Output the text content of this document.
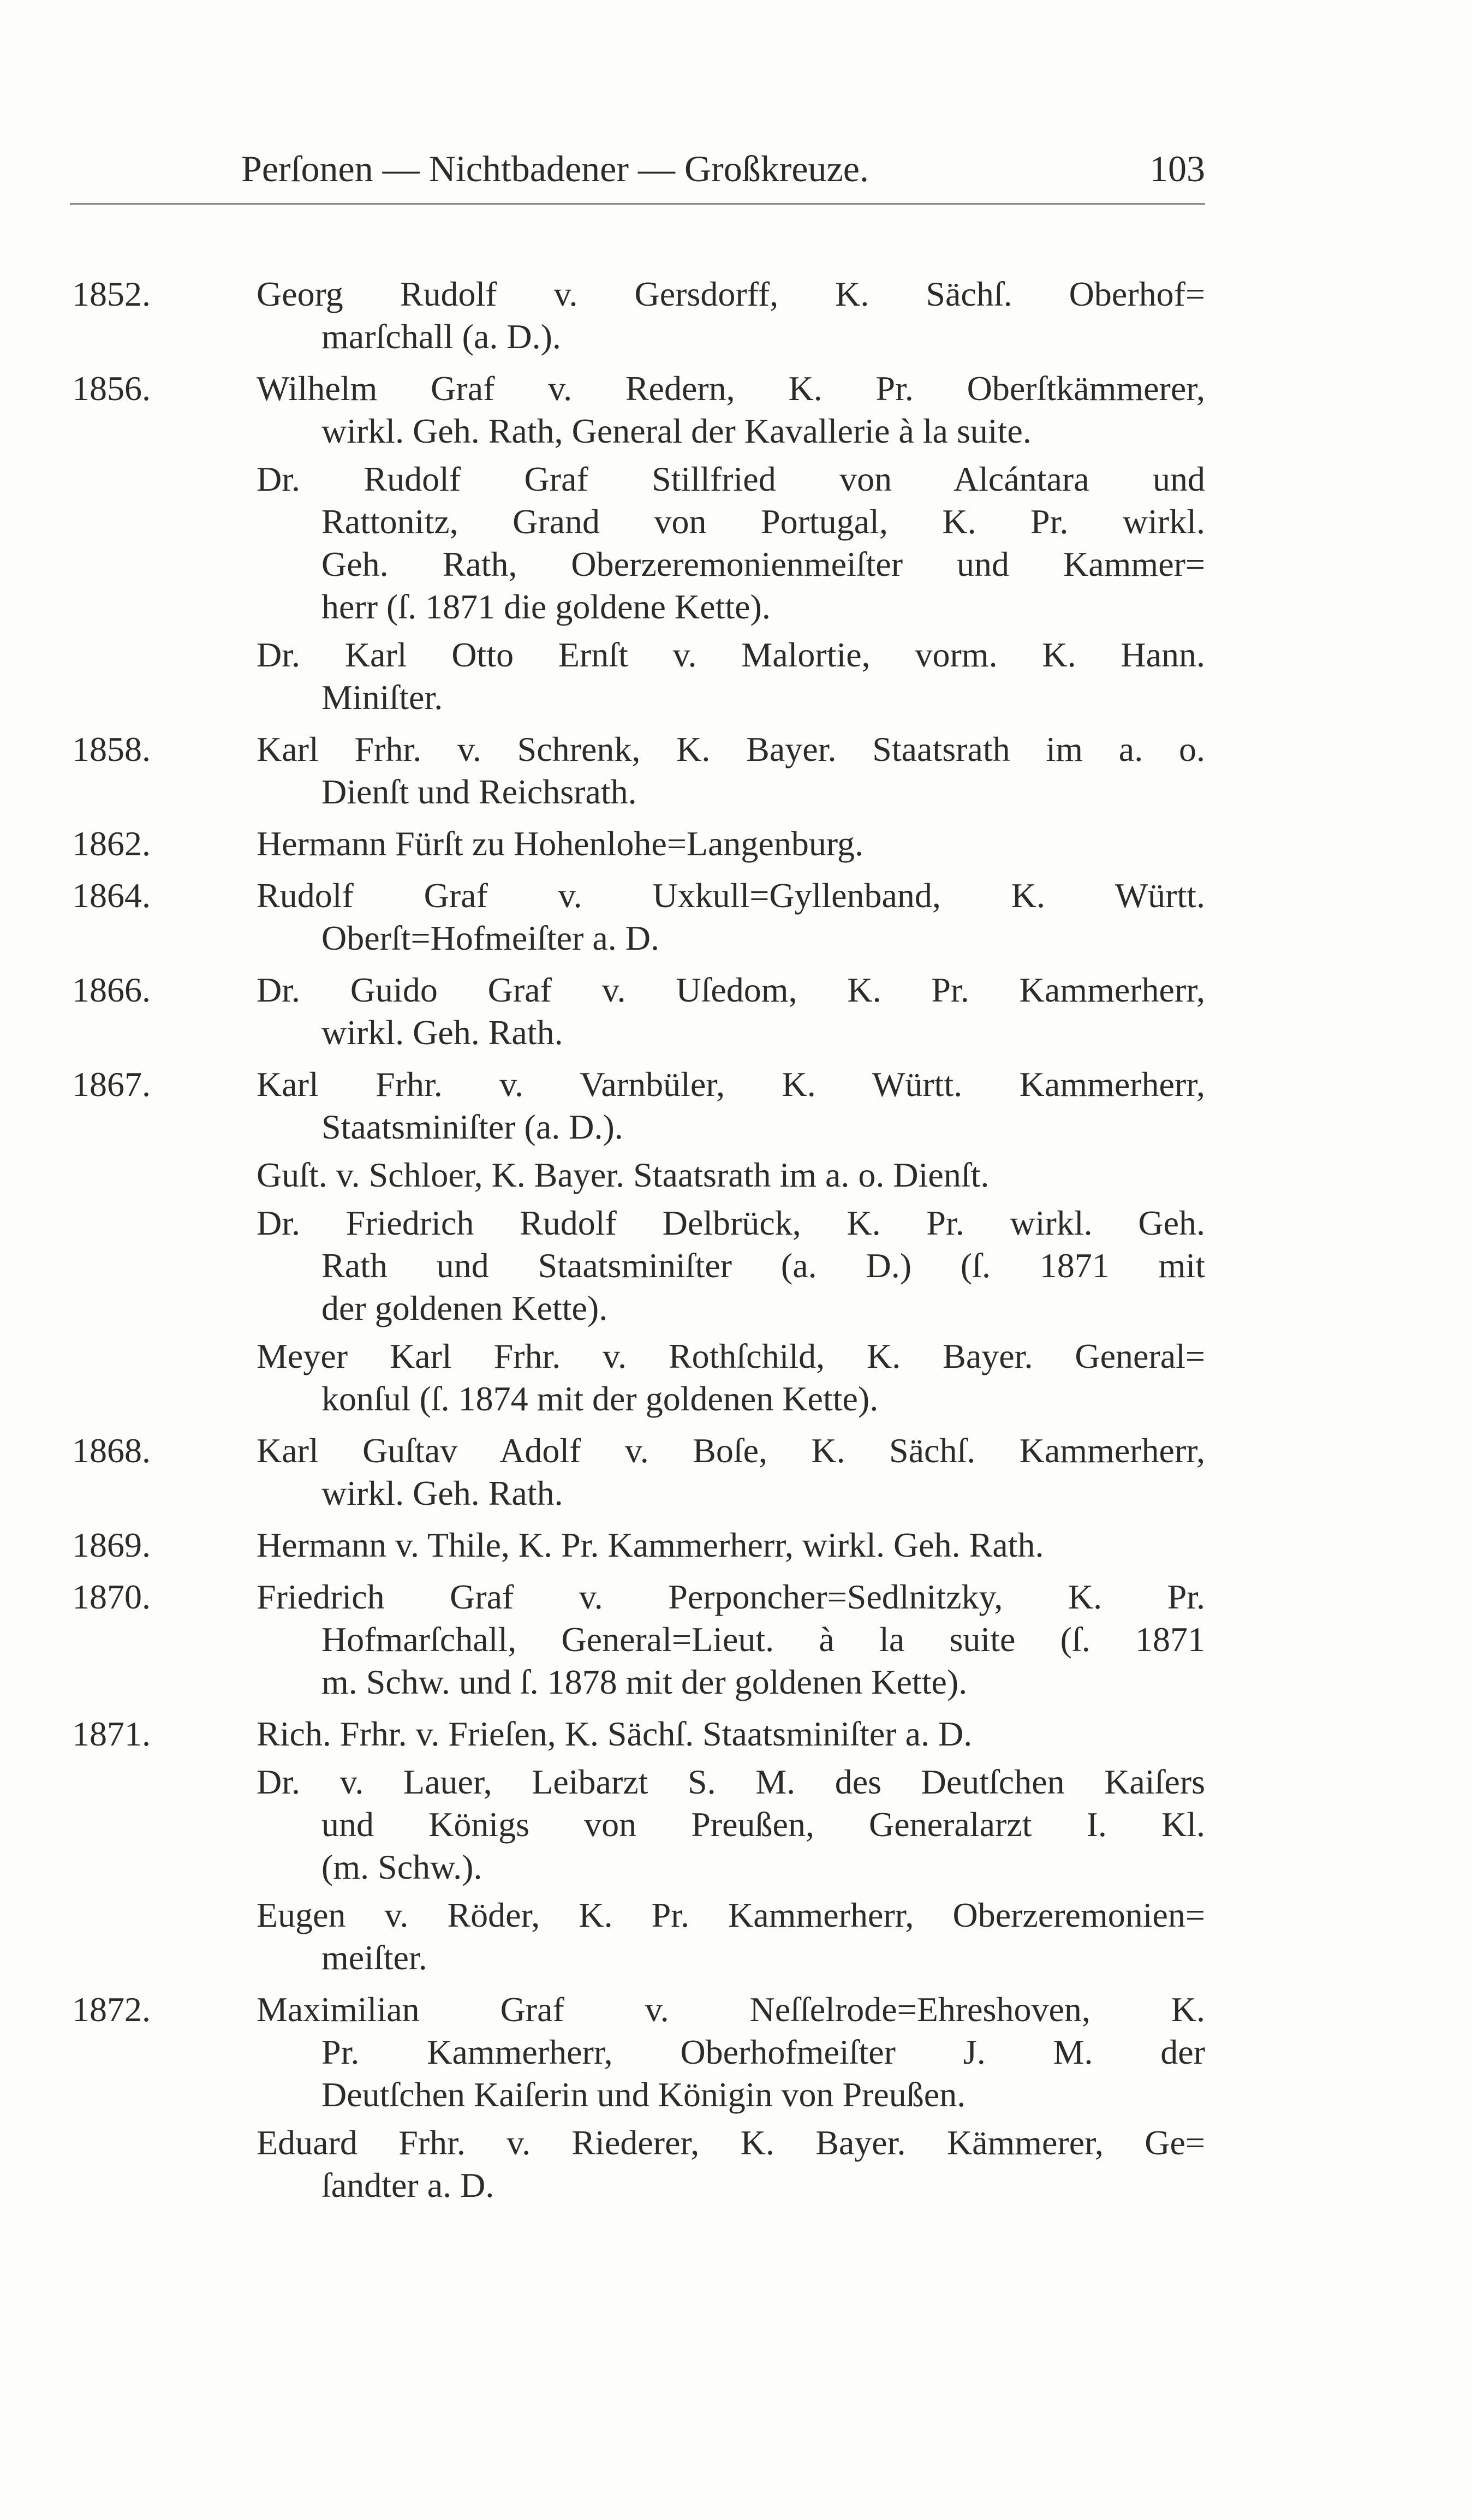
Perſonen — Nichtbadener — Großkreuze.	103
1852.	Georg Rudolf v. Gersdorff, K. Sächſ. Oberhof=
marſchall (a. D.).
1856.	Wilhelm Graf v. Redern, K. Pr. Oberſtkämmerer,
wirkl. Geh. Rath, General der Kavallerie à la suite.
Dr. Rudolf Graf Stillfried von Alcántara und
Rattonitz, Grand von Portugal, K. Pr. wirkl.
Geh. Rath, Oberzeremonienmeiſter und Kammer=
herr (ſ. 1871 die goldene Kette).
Dr. Karl Otto Ernſt v. Malortie, vorm. K. Hann.
Miniſter.
1858.	Karl Frhr. v. Schrenk, K. Bayer. Staatsrath im a. o.
Dienſt und Reichsrath.
1862.	Hermann Fürſt zu Hohenlohe=Langenburg.
1864.	Rudolf Graf v. Uxkull=Gyllenband, K. Württ.
Oberſt=Hofmeiſter a. D.
1866.	Dr. Guido Graf v. Uſedom, K. Pr. Kammerherr,
wirkl. Geh. Rath.
1867.	Karl Frhr. v. Varnbüler, K. Württ. Kammerherr,
Staatsminiſter (a. D.).
Guſt. v. Schloer, K. Bayer. Staatsrath im a. o. Dienſt.
Dr. Friedrich Rudolf Delbrück, K. Pr. wirkl. Geh.
Rath und Staatsminiſter (a. D.) (ſ. 1871 mit
der goldenen Kette).
Meyer Karl Frhr. v. Rothſchild, K. Bayer. General=
konſul (ſ. 1874 mit der goldenen Kette).
1868.	Karl Guſtav Adolf v. Boſe, K. Sächſ. Kammerherr,
wirkl. Geh. Rath.
1869.	Hermann v. Thile, K. Pr. Kammerherr, wirkl. Geh. Rath.
1870.	Friedrich Graf v. Perponcher=Sedlnitzky, K. Pr.
Hofmarſchall, General=Lieut. à la suite (ſ. 1871
m. Schw. und ſ. 1878 mit der goldenen Kette).
1871.	Rich. Frhr. v. Frieſen, K. Sächſ. Staatsminiſter a. D.
Dr. v. Lauer, Leibarzt S. M. des Deutſchen Kaiſers
und Königs von Preußen, Generalarzt I. Kl.
(m. Schw.).
Eugen v. Röder, K. Pr. Kammerherr, Oberzeremonien=
meiſter.
1872.	Maximilian Graf v. Neſſelrode=Ehreshoven, K.
Pr. Kammerherr, Oberhofmeiſter J. M. der
Deutſchen Kaiſerin und Königin von Preußen.
Eduard Frhr. v. Riederer, K. Bayer. Kämmerer, Ge=
ſandter a. D.
